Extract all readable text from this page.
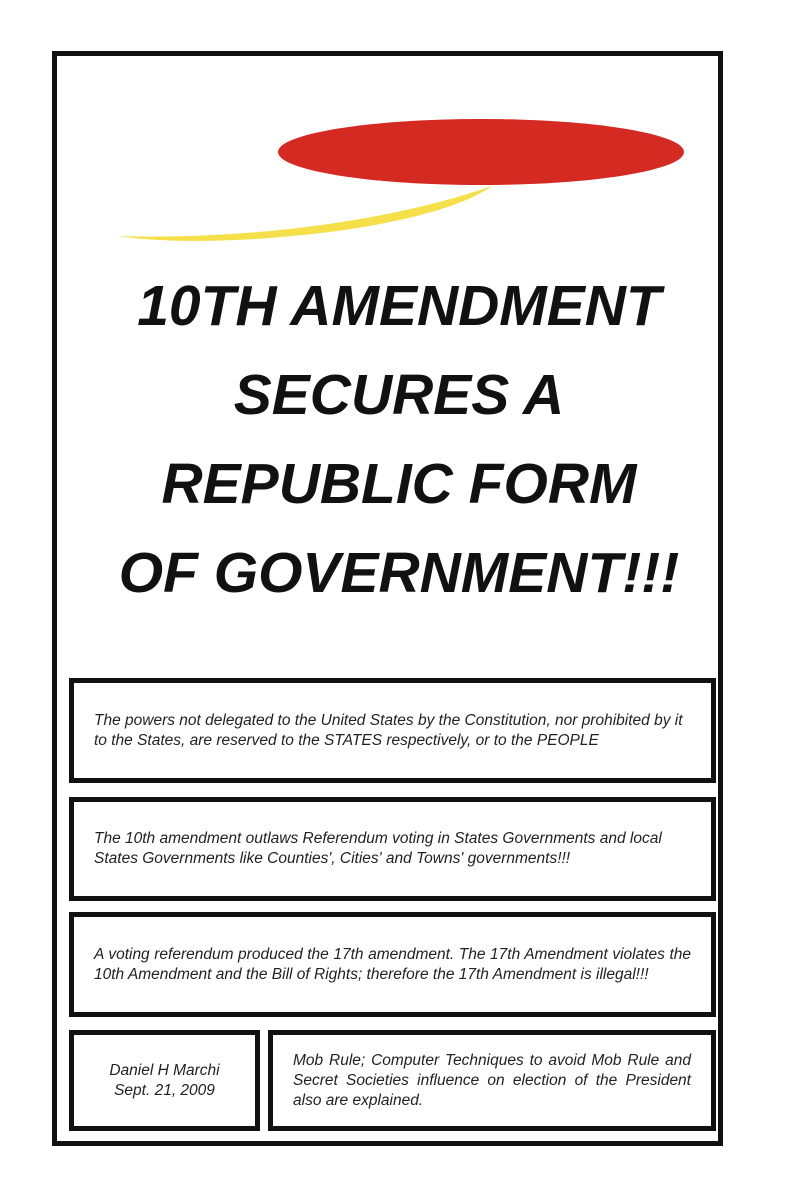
10TH AMENDMENT
SECURES A
REPUBLIC FORM
OF GOVERNMENT!!!

The powers not delegated to the United States by the Constitution, nor prohibited by it to the States, are reserved to the STATES respectively, or to the PEOPLE

The 10th amendment outlaws Referendum voting in States Governments and local States Governments like Counties', Cities' and Towns' governments!!!

A voting referendum produced the 17th amendment. The 17th Amendment violates the 10th Amendment and the Bill of Rights; therefore the 17th Amendment is illegal!!!

Daniel H Marchi
Sept. 21, 2009

Mob Rule; Computer Techniques to avoid Mob Rule and Secret Societies influence on election of the President also are explained.
